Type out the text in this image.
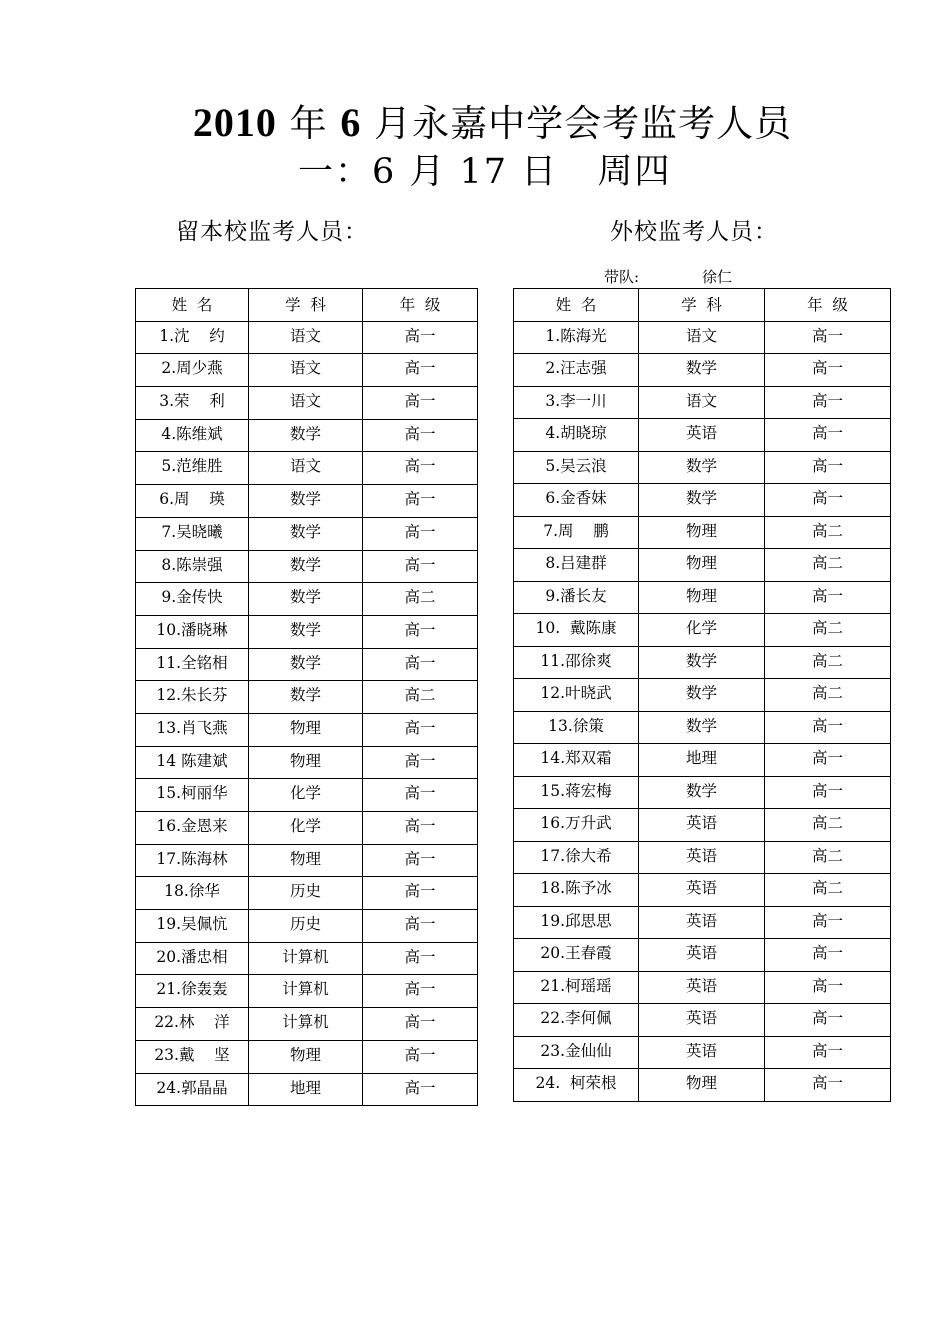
2010 年 6 月永嘉中学会考监考人员
一：6 月 17 日   周四
留本校监考人员：	外校监考人员：
带队:	徐仁
姓  名	学  科	年  级
1.沈    约	语文	高一
2.周少燕	语文	高一
3.荣    利	语文	高一
4.陈维斌	数学	高一
5.范维胜	语文	高一
6.周    瑛	数学	高一
7.吴晓曦	数学	高一
8.陈崇强	数学	高一
9.金传快	数学	高二
10.潘晓琳	数学	高一
11.全铭相	数学	高一
12.朱长芬	数学	高二
13.肖飞燕	物理	高一
14 陈建斌	物理	高一
15.柯丽华	化学	高一
16.金恩来	化学	高一
17.陈海林	物理	高一
18.徐华	历史	高一
19.吴佩忼	历史	高一
20.潘忠相	计算机	高一
21.徐轰轰	计算机	高一
22.林    洋	计算机	高一
23.戴    坚	物理	高一
24.郭晶晶	地理	高一
姓  名	学  科	年  级
1.陈海光	语文	高一
2.汪志强	数学	高一
3.李一川	语文	高一
4.胡晓琼	英语	高一
5.吴云浪	数学	高一
6.金香妹	数学	高一
7.周    鹏	物理	高二
8.吕建群	物理	高二
9.潘长友	物理	高一
10.  戴陈康	化学	高二
11.邵徐爽	数学	高二
12.叶晓武	数学	高二
13.徐策	数学	高一
14.郑双霜	地理	高一
15.蒋宏梅	数学	高一
16.万升武	英语	高二
17.徐大希	英语	高二
18.陈予冰	英语	高二
19.邱思思	英语	高一
20.王春霞	英语	高一
21.柯瑶瑶	英语	高一
22.李何佩	英语	高一
23.金仙仙	英语	高一
24.  柯荣根	物理	高一
